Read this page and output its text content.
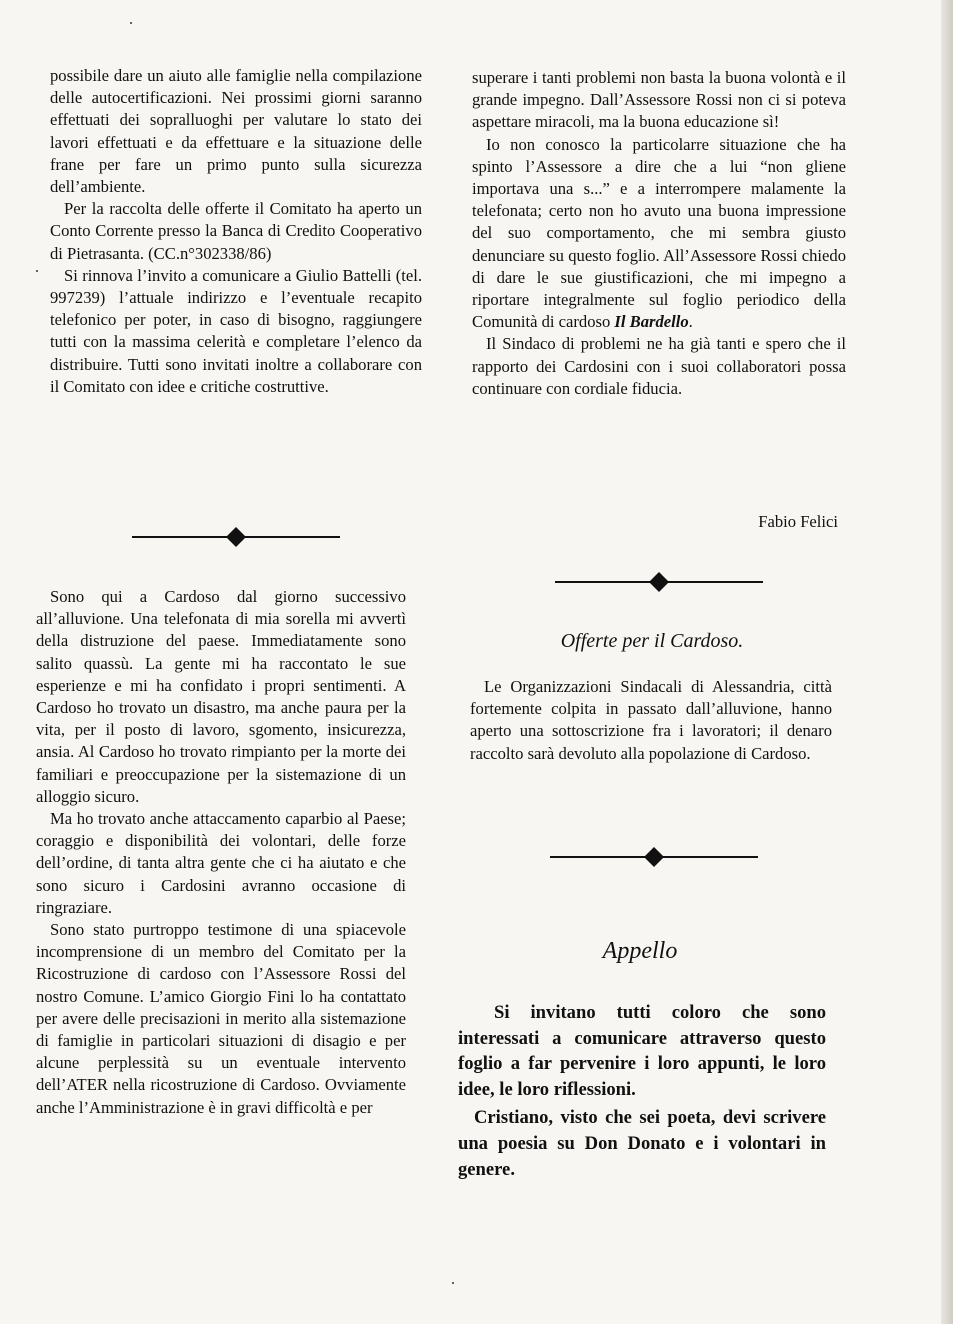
possibile dare un aiuto alle famiglie nella compilazione delle autocertificazioni. Nei prossimi giorni saranno effettuati dei sopralluoghi per valutare lo stato dei lavori effettuati e da effettuare e la situazione delle frane per fare un primo punto sulla sicurezza dell’ambiente.

Per la raccolta delle offerte il Comitato ha aperto un Conto Corrente presso la Banca di Credito Cooperativo di Pietrasanta. (CC.n°302338/86)

Si rinnova l’invito a comunicare a Giulio Battelli (tel. 997239) l’attuale indirizzo e l’eventuale recapito telefonico per poter, in caso di bisogno, raggiungere tutti con la massima celerità e completare l’elenco da distribuire. Tutti sono invitati inoltre a collaborare con il Comitato con idee e critiche costruttive.

Sono qui a Cardoso dal giorno successivo all’alluvione. Una telefonata di mia sorella mi avvertì della distruzione del paese. Immediatamente sono salito quassù. La gente mi ha raccontato le sue esperienze e mi ha confidato i propri sentimenti. A Cardoso ho trovato un disastro, ma anche paura per la vita, per il posto di lavoro, sgomento, insicurezza, ansia. Al Cardoso ho trovato rimpianto per la morte dei familiari e preoccupazione per la sistemazione di un alloggio sicuro.

Ma ho trovato anche attaccamento caparbio al Paese; coraggio e disponibilità dei volontari, delle forze dell’ordine, di tanta altra gente che ci ha aiutato e che sono sicuro i Cardosini avranno occasione di ringraziare.

Sono stato purtroppo testimone di una spiacevole incomprensione di un membro del Comitato per la Ricostruzione di cardoso con l’Assessore Rossi del nostro Comune. L’amico Giorgio Fini lo ha contattato per avere delle precisazioni in merito alla sistemazione di famiglie in particolari situazioni di disagio e per alcune perplessità su un eventuale intervento dell’ATER nella ricostruzione di Cardoso. Ovviamente anche l’Amministrazione è in gravi difficoltà e per

superare i tanti problemi non basta la buona volontà e il grande impegno. Dall’Assessore Rossi non ci si poteva aspettare miracoli, ma la buona educazione sì!

Io non conosco la particolarre situazione che ha spinto l’Assessore a dire che a lui “non gliene importava una s...” e a interrompere malamente la telefonata; certo non ho avuto una buona impressione del suo comportamento, che mi sembra giusto denunciare su questo foglio. All’Assessore Rossi chiedo di dare le sue giustificazioni, che mi impegno a riportare integralmente sul foglio periodico della Comunità di cardoso Il Bardello.

Il Sindaco di problemi ne ha già tanti e spero che il rapporto dei Cardosini con i suoi collaboratori possa continuare con cordiale fiducia.

Fabio Felici
Offerte per il Cardoso.

Le Organizzazioni Sindacali di Alessandria, città fortemente colpita in passato dall’alluvione, hanno aperto una sottoscrizione fra i lavoratori; il denaro raccolto sarà devoluto alla popolazione di Cardoso.

Appello

Si invitano tutti coloro che sono interessati a comunicare attraverso questo foglio a far pervenire i loro appunti, le loro idee, le loro riflessioni.

Cristiano, visto che sei poeta, devi scrivere una poesia su Don Donato e i volontari in genere.
